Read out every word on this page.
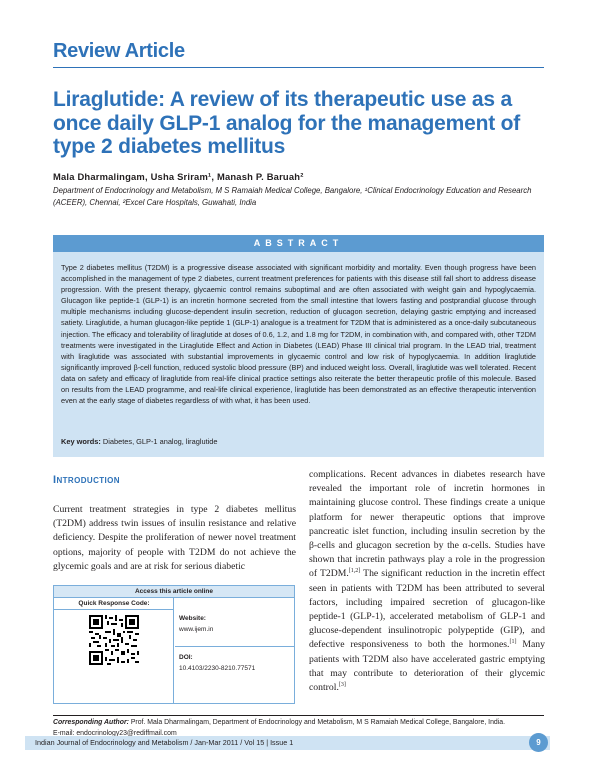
Review Article
Liraglutide: A review of its therapeutic use as a once daily GLP-1 analog for the management of type 2 diabetes mellitus
Mala Dharmalingam, Usha Sriram¹, Manash P. Baruah²
Department of Endocrinology and Metabolism, M S Ramaiah Medical College, Bangalore, ¹Clinical Endocrinology Education and Research (ACEER), Chennai, ²Excel Care Hospitals, Guwahati, India
ABSTRACT
Type 2 diabetes mellitus (T2DM) is a progressive disease associated with significant morbidity and mortality. Even though progress have been accomplished in the management of type 2 diabetes, current treatment preferences for patients with this disease still fall short to address disease progression. With the present therapy, glycaemic control remains suboptimal and are often associated with weight gain and hypoglycaemia. Glucagon like peptide-1 (GLP-1) is an incretin hormone secreted from the small intestine that lowers fasting and postprandial glucose through multiple mechanisms including glucose-dependent insulin secretion, reduction of glucagon secretion, delaying gastric emptying and increased satiety. Liraglutide, a human glucagon-like peptide 1 (GLP-1) analogue is a treatment for T2DM that is administered as a once-daily subcutaneous injection. The efficacy and tolerability of liraglutide at doses of 0.6, 1.2, and 1.8 mg for T2DM, in combination with, and compared with, other T2DM treatments were investigated in the Liraglutide Effect and Action in Diabetes (LEAD) Phase III clinical trial program. In the LEAD trial, treatment with liraglutide was associated with substantial improvements in glycaemic control and low risk of hypoglycaemia. In addition liraglutide significantly improved β-cell function, reduced systolic blood pressure (BP) and induced weight loss. Overall, liraglutide was well tolerated. Recent data on safety and efficacy of liraglutide from real-life clinical practice settings also reiterate the better therapeutic profile of this molecule. Based on results from the LEAD programme, and real-life clinical experience, liraglutide has been demonstrated as an effective therapeutic intervention even at the early stage of diabetes regardless of with what, it has been used.
Key words: Diabetes, GLP-1 analog, liraglutide
Introduction
Current treatment strategies in type 2 diabetes mellitus (T2DM) address twin issues of insulin resistance and relative deficiency. Despite the proliferation of newer novel treatment options, majority of people with T2DM do not achieve the glycemic goals and are at risk for serious diabetic
complications. Recent advances in diabetes research have revealed the important role of incretin hormones in maintaining glucose control. These findings create a unique platform for newer therapeutic options that improve pancreatic islet function, including insulin secretion by the β-cells and glucagon secretion by the α-cells. Studies have shown that incretin pathways play a role in the progression of T2DM.[1,2] The significant reduction in the incretin effect seen in patients with T2DM has been attributed to several factors, including impaired secretion of glucagon-like peptide-1 (GLP-1), accelerated metabolism of GLP-1 and glucose-dependent insulinotropic polypeptide (GIP), and defective responsiveness to both the hormones.[1] Many patients with T2DM also have accelerated gastric emptying that may contribute to deterioration of their glycemic control.[3]
Access this article online
Quick Response Code:
Website:
www.ijem.in
DOI:
10.4103/2230-8210.77571
Corresponding Author: Prof. Mala Dharmalingam, Department of Endocrinology and Metabolism, M S Ramaiah Medical College, Bangalore, India.
E-mail: endocrinology23@rediffmail.com
Indian Journal of Endocrinology and Metabolism / Jan-Mar 2011 / Vol 15 | Issue 1	9
